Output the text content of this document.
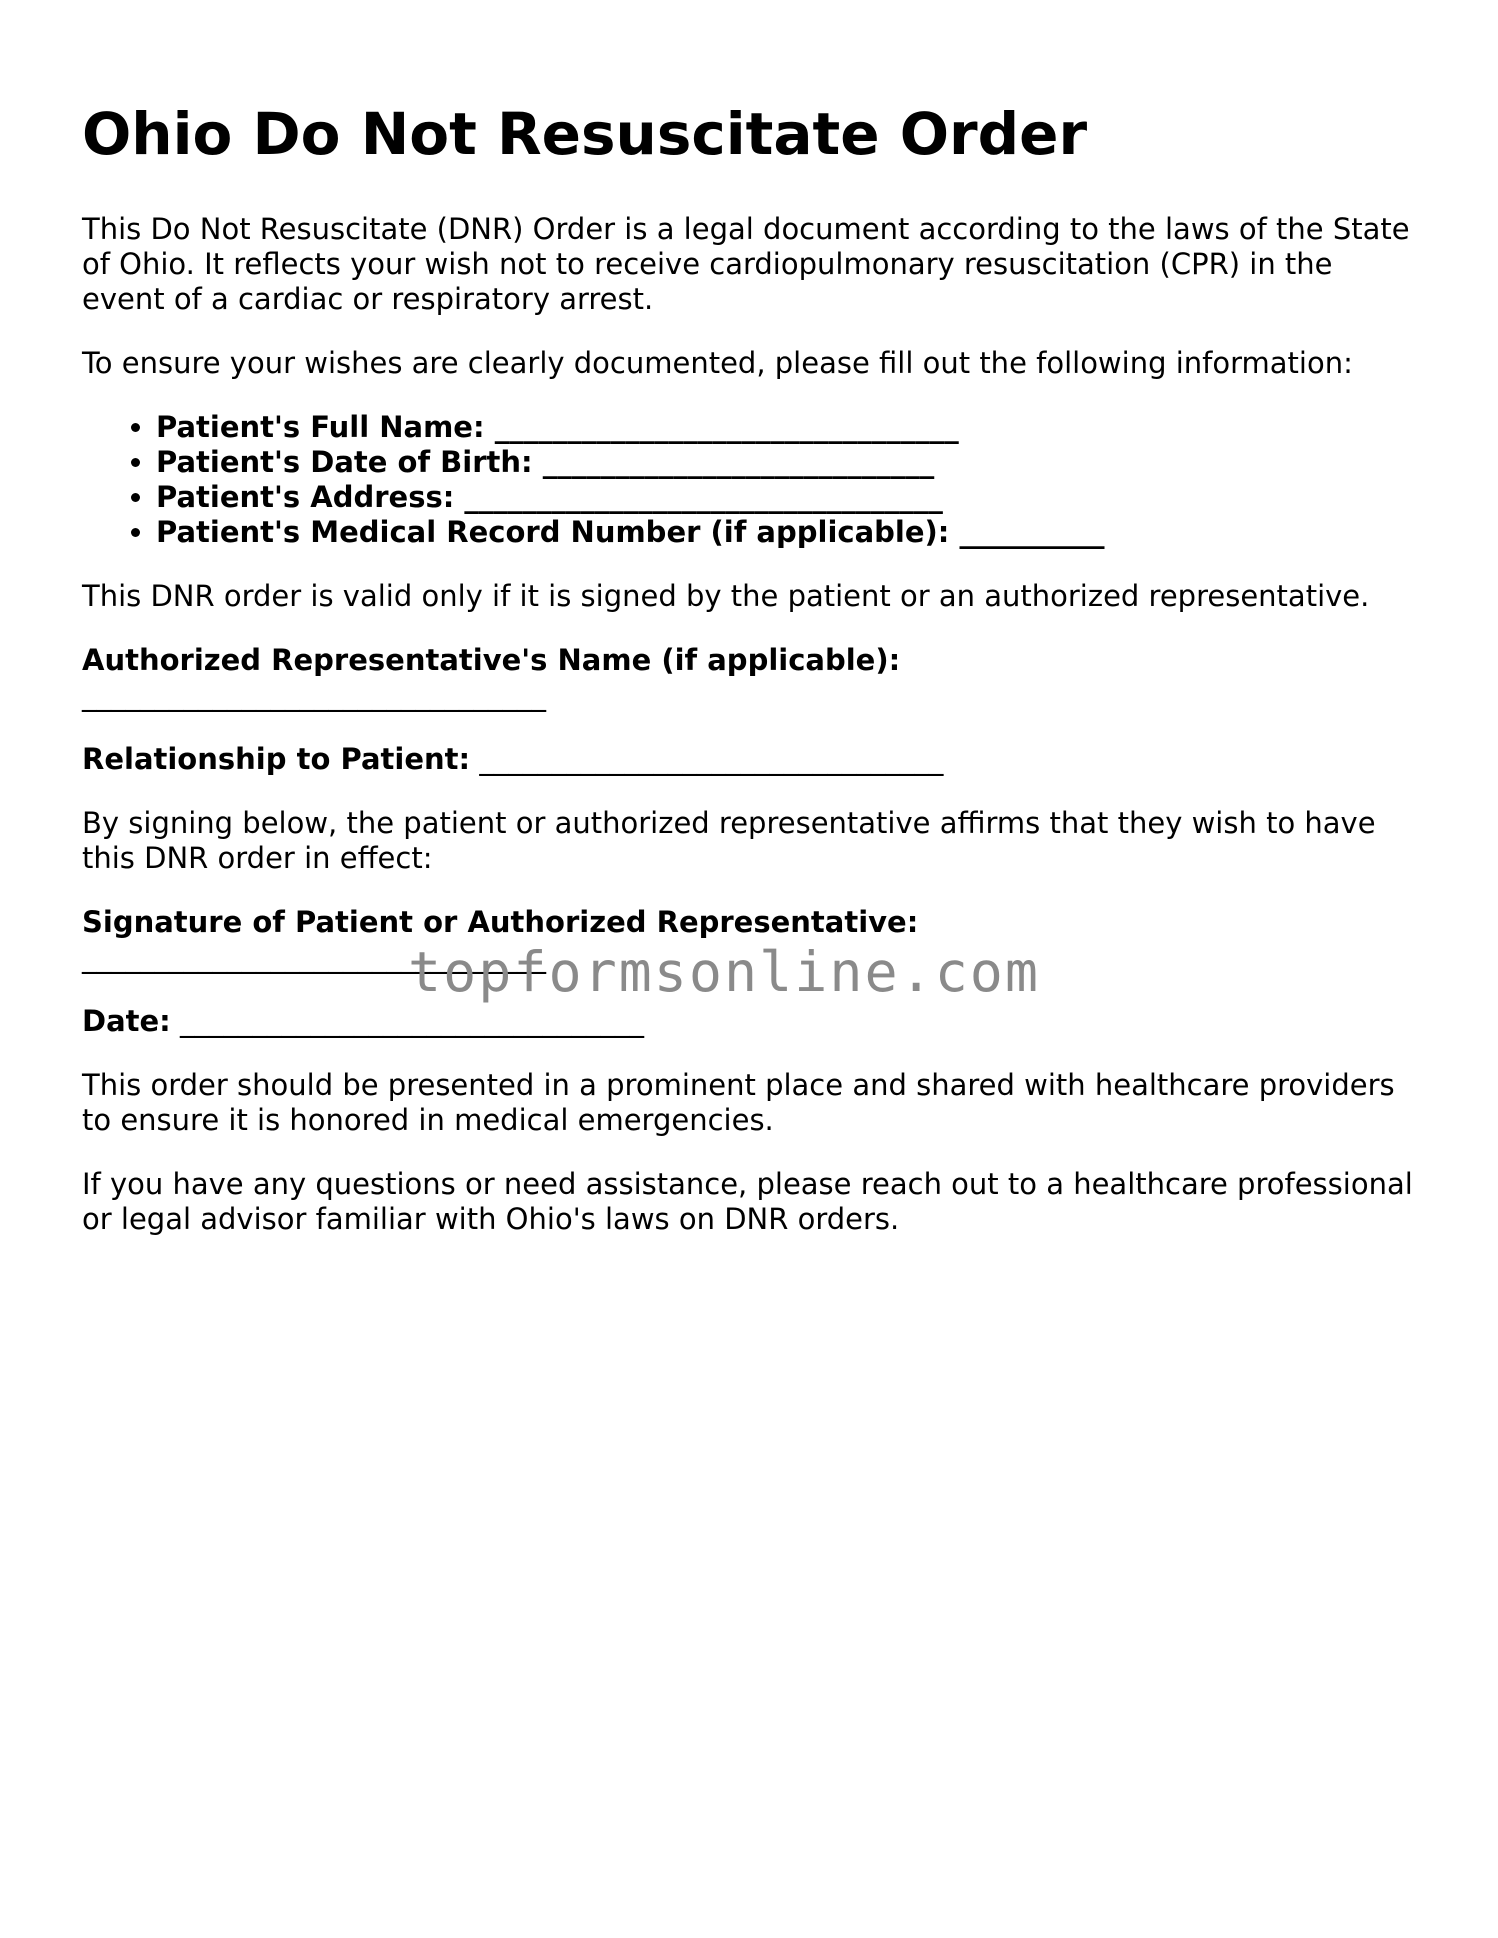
Ohio Do Not Resuscitate Order

This Do Not Resuscitate (DNR) Order is a legal document according to the laws of the State of Ohio. It reflects your wish not to receive cardiopulmonary resuscitation (CPR) in the event of a cardiac or respiratory arrest.

To ensure your wishes are clearly documented, please fill out the following information:

• Patient's Full Name: ________________________________
• Patient's Date of Birth: ___________________________
• Patient's Address: _________________________________
• Patient's Medical Record Number (if applicable): __________

This DNR order is valid only if it is signed by the patient or an authorized representative.

Authorized Representative's Name (if applicable):
________________________________

Relationship to Patient: ________________________________

By signing below, the patient or authorized representative affirms that they wish to have this DNR order in effect:

Signature of Patient or Authorized Representative:
________________________________

Date: ________________________________

This order should be presented in a prominent place and shared with healthcare providers to ensure it is honored in medical emergencies.

If you have any questions or need assistance, please reach out to a healthcare professional or legal advisor familiar with Ohio's laws on DNR orders.

topformsonline.com
